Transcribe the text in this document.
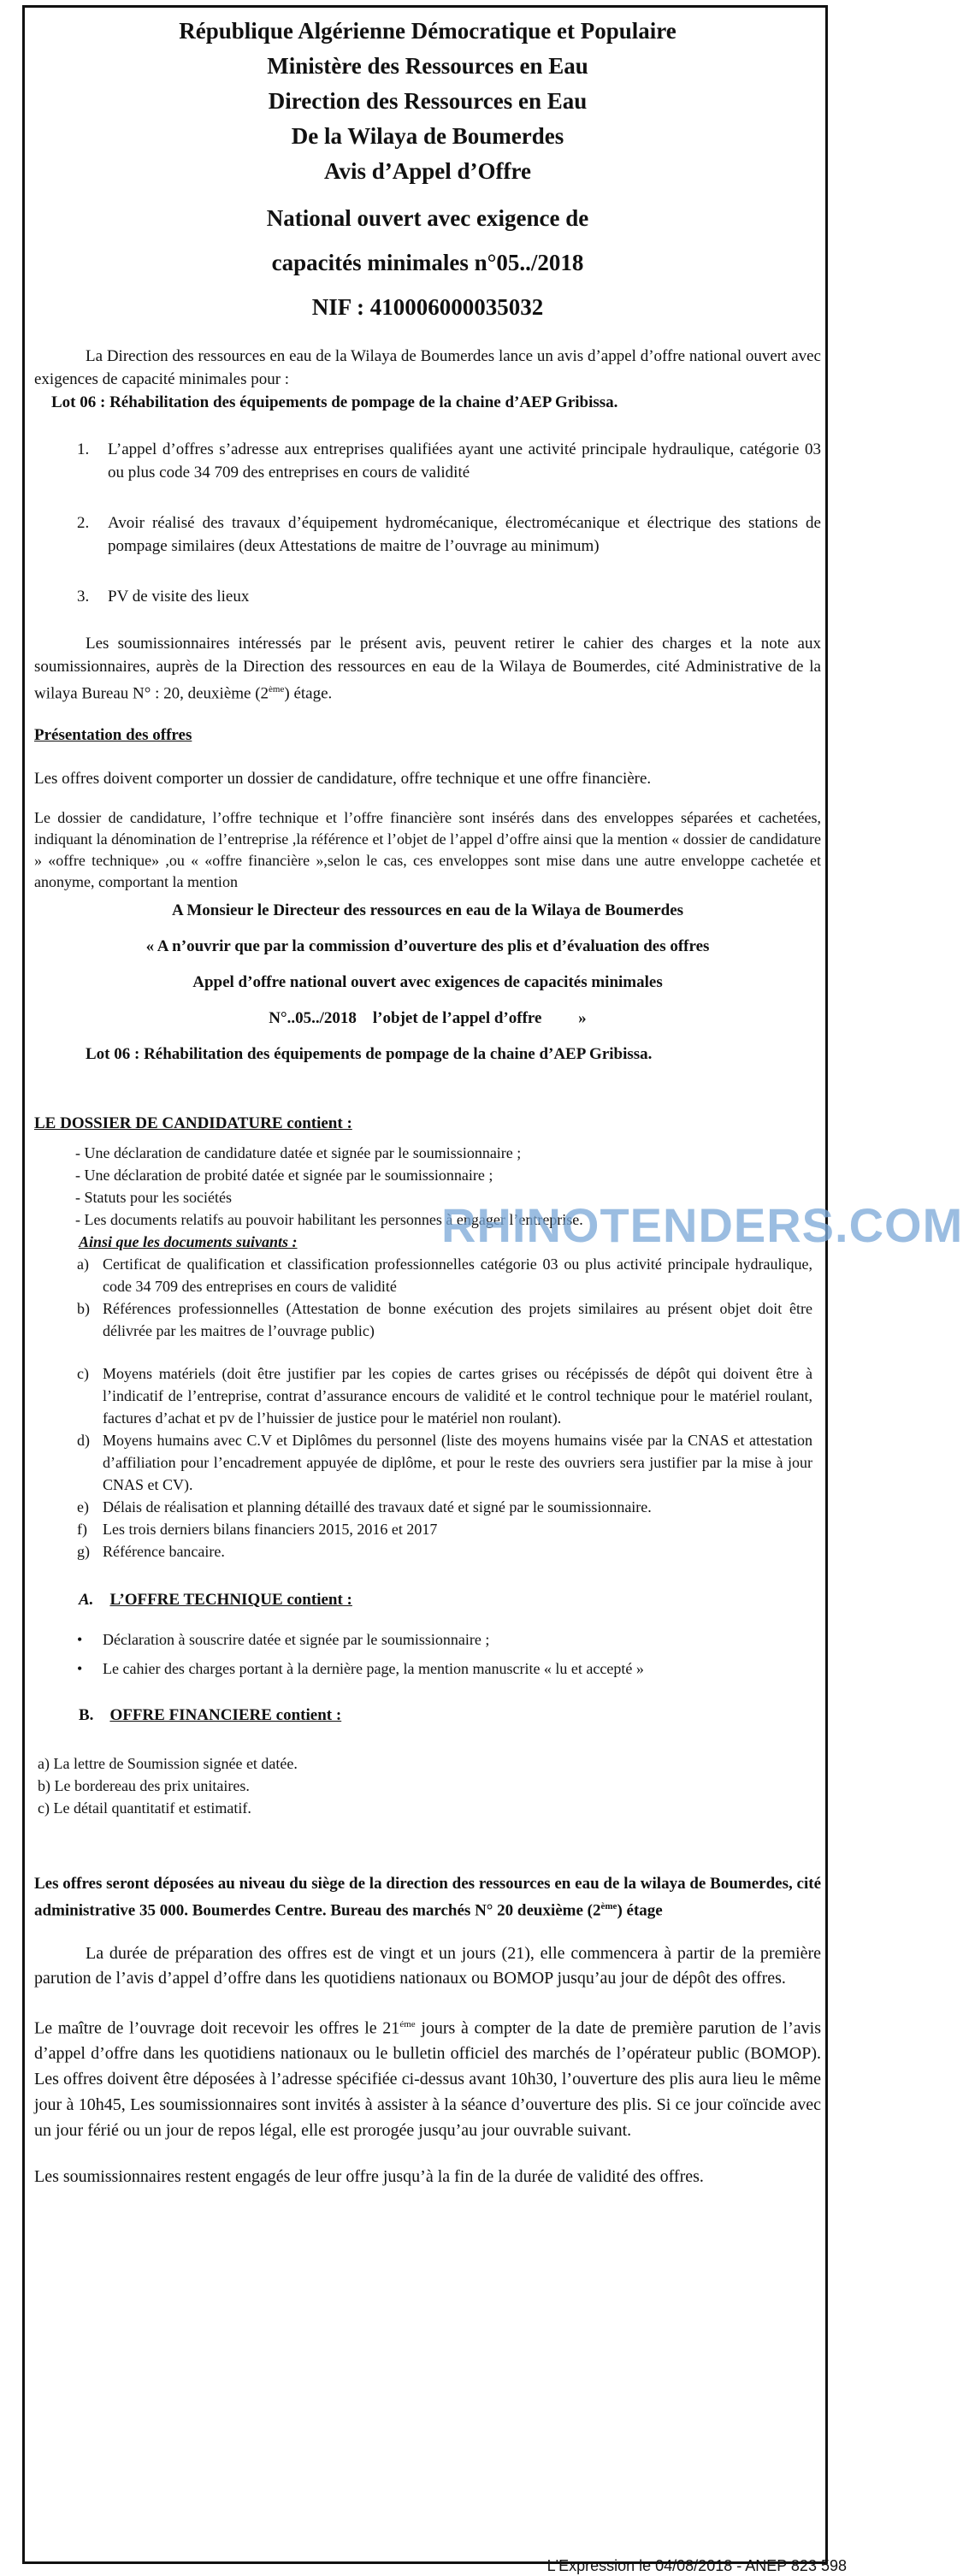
République Algérienne Démocratique et Populaire
Ministère des Ressources en Eau
Direction des Ressources en Eau
De la Wilaya de Boumerdes
Avis d’Appel d’Offre
National ouvert avec exigence de
capacités minimales n°05../2018
NIF : 410006000035032

La Direction des ressources en eau de la Wilaya de Boumerdes lance un avis d’appel d’offre national ouvert avec exigences de capacité minimales pour :

Lot 06 : Réhabilitation des équipements de pompage de la chaine d’AEP Gribissa.

1.	L’appel d’offres s’adresse aux entreprises qualifiées ayant une activité principale hydraulique, catégorie 03 ou plus code 34 709 des entreprises en cours de validité
2.	Avoir réalisé des travaux d’équipement hydromécanique, électromécanique et électrique des stations de pompage similaires (deux Attestations de maitre de l’ouvrage au minimum)
3.	PV de visite des lieux

Les soumissionnaires intéressés par le présent avis, peuvent retirer le cahier des charges et la note aux soumissionnaires, auprès de la Direction des ressources en eau de la Wilaya de Boumerdes, cité Administrative de la wilaya Bureau N° : 20, deuxième (2ème) étage.

Présentation des offres

Les offres doivent comporter un dossier de candidature, offre technique et une offre financière.

Le dossier de candidature, l’offre technique et l’offre financière sont insérés dans des enveloppes séparées et cachetées, indiquant la dénomination de l’entreprise ,la référence et l’objet de l’appel d’offre ainsi que la mention « dossier de candidature » «offre technique» ,ou « «offre financière »,selon le cas, ces enveloppes sont mise dans une autre enveloppe cachetée et anonyme, comportant la mention

A Monsieur le Directeur des ressources en eau de la Wilaya de Boumerdes

« A n’ouvrir que par la commission d’ouverture des plis et d’évaluation des offres

Appel d’offre national ouvert avec exigences de capacités minimales

N°..05../2018    l’objet de l’appel d’offre         »

Lot 06 : Réhabilitation des équipements de pompage de la chaine d’AEP Gribissa.

LE DOSSIER DE CANDIDATURE contient :

- Une déclaration de candidature datée et signée par le soumissionnaire ;
- Une déclaration de probité datée et signée par le soumissionnaire ;
- Statuts pour les sociétés
- Les documents relatifs au pouvoir habilitant les personnes à engager l’entreprise.
Ainsi que les documents suivants :
a) Certificat de qualification et classification professionnelles catégorie 03 ou plus activité principale hydraulique, code 34 709 des entreprises en cours de validité
b) Références professionnelles (Attestation de bonne exécution des projets similaires au présent objet doit être délivrée par les maitres de l’ouvrage public)
c) Moyens matériels (doit être justifier par les copies de cartes grises ou récépissés de dépôt qui doivent être à l’indicatif de l’entreprise, contrat d’assurance encours de validité et le control technique pour le matériel roulant, factures d’achat et pv de l’huissier de justice pour le matériel non roulant).
d) Moyens humains avec C.V et Diplômes du personnel (liste des moyens humains visée par la CNAS et attestation d’affiliation pour l’encadrement appuyée de diplôme, et pour le reste des ouvriers sera justifier par la mise à jour CNAS et CV).
e) Délais de réalisation et planning détaillé des travaux daté et signé par le soumissionnaire.
f)	Les trois derniers bilans financiers 2015, 2016 et 2017
g) Référence bancaire.
A. L’OFFRE TECHNIQUE contient :
•	Déclaration à souscrire datée et signée par le soumissionnaire ;
•	Le cahier des charges portant à la dernière page, la mention manuscrite « lu et accepté »
B. OFFRE FINANCIERE contient :
a) La lettre de Soumission signée et datée.
b) Le bordereau des prix unitaires.
c) Le détail quantitatif et estimatif.

Les offres seront déposées au niveau du siège de la direction des ressources en eau de la wilaya de Boumerdes, cité administrative 35 000. Boumerdes Centre. Bureau des marchés N° 20 deuxième (2ème) étage

La durée de préparation des offres est de vingt et un jours (21), elle commencera à partir de la première parution de l’avis d’appel d’offre dans les quotidiens nationaux ou BOMOP jusqu’au jour de dépôt des offres.

Le maître de l’ouvrage doit recevoir les offres le $21^{éme}$ jours à compter de la date de première parution de l’avis d’appel d’offre dans les quotidiens nationaux ou le bulletin officiel des marchés de l’opérateur public (BOMOP). Les offres doivent être déposées à l’adresse spécifiée ci-dessus avant 10h30, l’ouverture des plis aura lieu le même jour à 10h45, Les soumissionnaires sont invités à assister à la séance d’ouverture des plis. Si ce jour coïncide avec un jour férié ou un jour de repos légal, elle est prorogée jusqu’au jour ouvrable suivant.

Les soumissionnaires restent engagés de leur offre jusqu’à la fin de la durée de validité des offres.

RHINOTENDERS.COM
L'Expression le 04/08/2018 - ANEP 823 598
